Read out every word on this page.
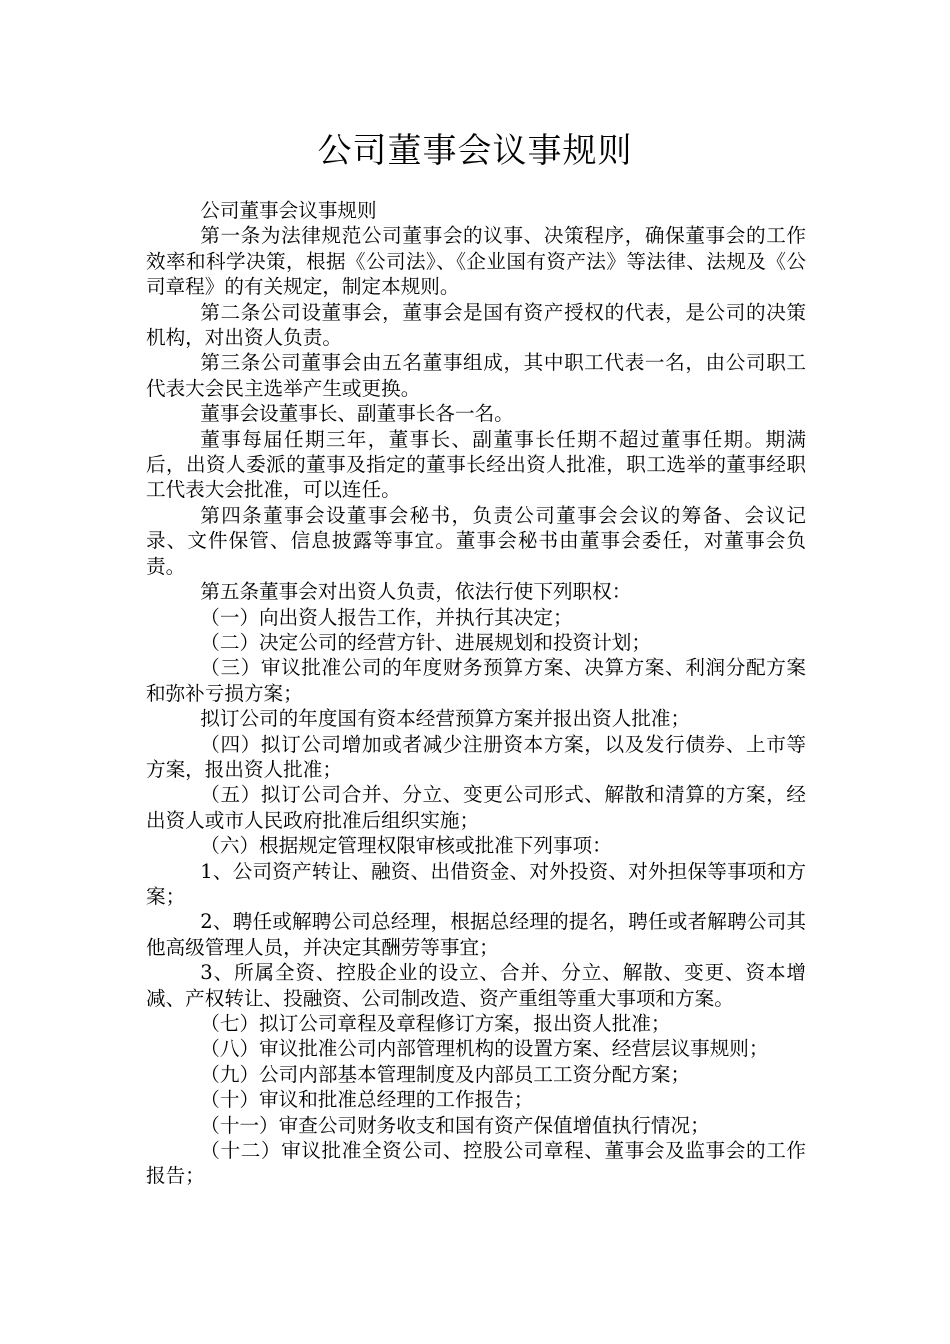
公司董事会议事规则

公司董事会议事规则

第一条为法律规范公司董事会的议事、决策程序，确保董事会的工作效率和科学决策，根据《公司法》、《企业国有资产法》等法律、法规及《公司章程》的有关规定，制定本规则。

第二条公司设董事会，董事会是国有资产授权的代表，是公司的决策机构，对出资人负责。

第三条公司董事会由五名董事组成，其中职工代表一名，由公司职工代表大会民主选举产生或更换。

董事会设董事长、副董事长各一名。

董事每届任期三年，董事长、副董事长任期不超过董事任期。期满后，出资人委派的董事及指定的董事长经出资人批准，职工选举的董事经职工代表大会批准，可以连任。

第四条董事会设董事会秘书，负责公司董事会会议的筹备、会议记录、文件保管、信息披露等事宜。董事会秘书由董事会委任，对董事会负责。

第五条董事会对出资人负责，依法行使下列职权：

（一）向出资人报告工作，并执行其决定；

（二）决定公司的经营方针、进展规划和投资计划；

（三）审议批准公司的年度财务预算方案、决算方案、利润分配方案和弥补亏损方案；

拟订公司的年度国有资本经营预算方案并报出资人批准；

（四）拟订公司增加或者减少注册资本方案，以及发行债券、上市等方案，报出资人批准；

（五）拟订公司合并、分立、变更公司形式、解散和清算的方案，经出资人或市人民政府批准后组织实施；

（六）根据规定管理权限审核或批准下列事项：

1、公司资产转让、融资、出借资金、对外投资、对外担保等事项和方案；

2、聘任或解聘公司总经理，根据总经理的提名，聘任或者解聘公司其他高级管理人员，并决定其酬劳等事宜；

3、所属全资、控股企业的设立、合并、分立、解散、变更、资本增减、产权转让、投融资、公司制改造、资产重组等重大事项和方案。

（七）拟订公司章程及章程修订方案，报出资人批准；

（八）审议批准公司内部管理机构的设置方案、经营层议事规则；

（九）公司内部基本管理制度及内部员工工资分配方案；

（十）审议和批准总经理的工作报告；

（十一）审查公司财务收支和国有资产保值增值执行情况；

（十二）审议批准全资公司、控股公司章程、董事会及监事会的工作报告；
